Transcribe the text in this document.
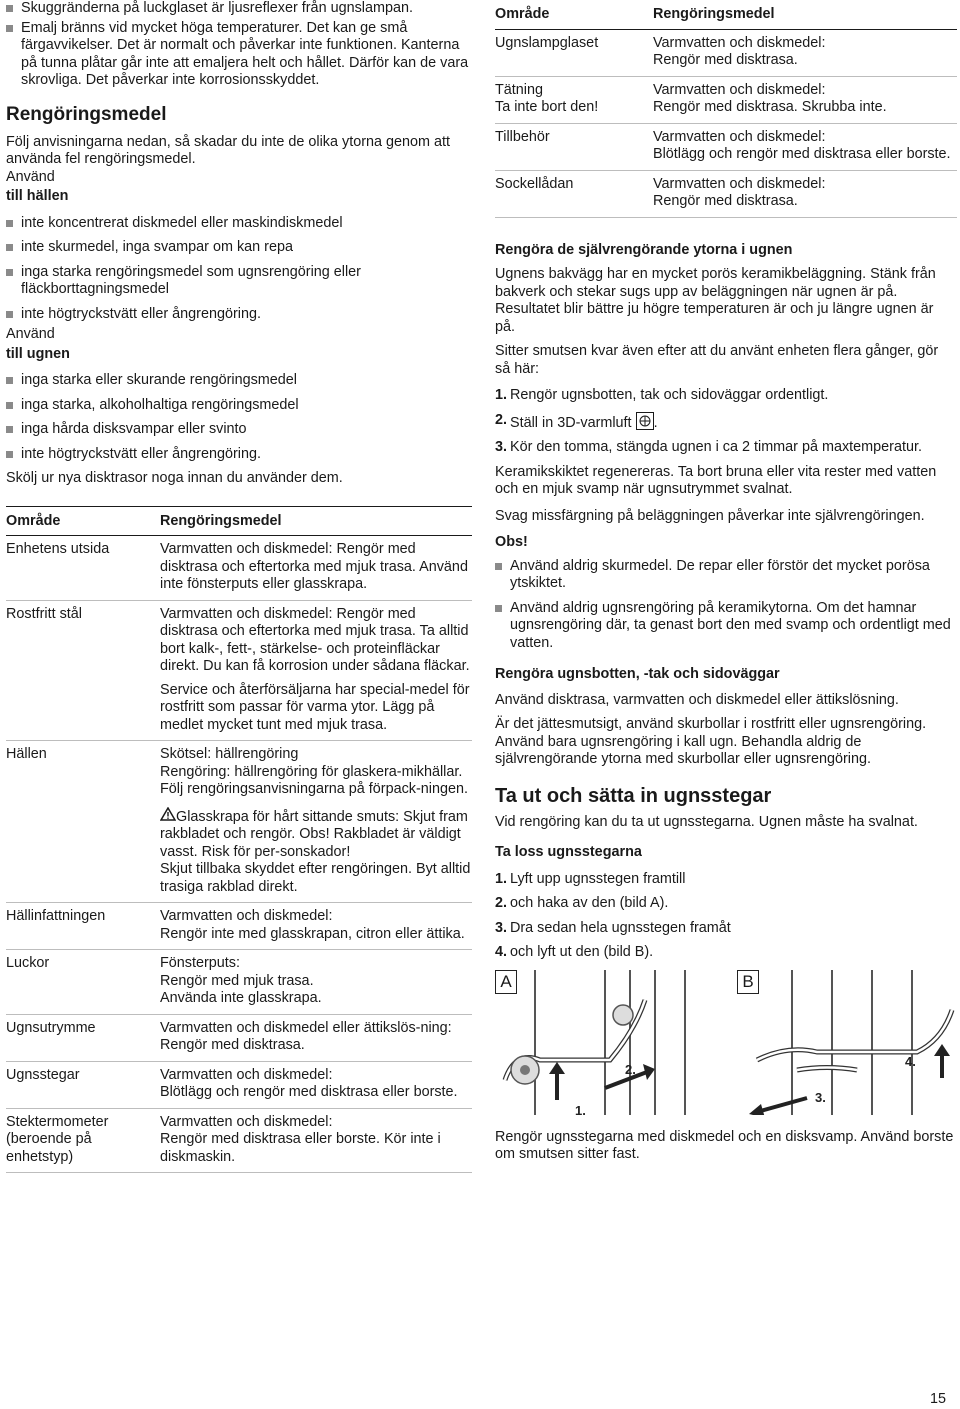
Skuggränderna på luckglaset är ljusreflexer från ugnslampan.
Emalj bränns vid mycket höga temperaturer. Det kan ge små färgavvikelser. Det är normalt och påverkar inte funktionen. Kanterna på tunna plåtar går inte att emaljera helt och hållet. Därför kan de vara skrovliga. Det påverkar inte korrosionsskyddet.
Rengöringsmedel

Följ anvisningarna nedan, så skadar du inte de olika ytorna genom att använda fel rengöringsmedel.

Använd
till hällen
inte koncentrerat diskmedel eller maskindiskmedel
inte skurmedel, inga svampar om kan repa
inga starka rengöringsmedel som ugnsrengöring eller fläckborttagningsmedel
inte högtryckstvätt eller ångrengöring.
Använd
till ugnen
inga starka eller skurande rengöringsmedel
inga starka, alkoholhaltiga rengöringsmedel
inga hårda disksvampar eller svinto
inte högtryckstvätt eller ångrengöring.

Skölj ur nya disktrasor noga innan du använder dem.

Område	Rengöringsmedel
Enhetens utsida	Varmvatten och diskmedel: Rengör med disktrasa och eftertorka med mjuk trasa. Använd inte fönsterputs eller glasskrapa.

Rostfritt stål	Varmvatten och diskmedel: Rengör med disktrasa och eftertorka med mjuk trasa. Ta alltid bort kalk-, fett-, stärkelse- och proteinfläckar direkt. Du kan få korrosion under sådana fläckar.

Service och återförsäljarna har special-medel för rostfritt som passar för varma ytor. Lägg på medlet mycket tunt med mjuk trasa.

Hällen	Skötsel: hällrengöring
Rengöring: hällrengöring för glaskera-mikhällar.
Följ rengöringsanvisningarna på förpack-ningen.

Glasskrapa för hårt sittande smuts: Skjut fram rakbladet och rengör. Obs! Rakbladet är väldigt vasst. Risk för per-sonskador!
Skjut tillbaka skyddet efter rengöringen. Byt alltid trasiga rakblad direkt.

Hällinfattningen	Varmvatten och diskmedel:
Rengör inte med glasskrapan, citron eller ättika.

Luckor	Fönsterputs:
Rengör med mjuk trasa.
Använda inte glasskrapa.

Ugnsutrymme	Varmvatten och diskmedel eller ättikslös-ning:
Rengör med disktrasa.

Ugnsstegar	Varmvatten och diskmedel:
Blötlägg och rengör med disktrasa eller borste.

Stektermometer (beroende på enhetstyp)	Varmvatten och diskmedel:
Rengör med disktrasa eller borste. Kör inte i diskmaskin.

Område	Rengöringsmedel
Ugnslampglaset	Varmvatten och diskmedel:
Rengör med disktrasa.
Tätning
Ta inte bort den!	Varmvatten och diskmedel:
Rengör med disktrasa. Skrubba inte.
Tillbehör	Varmvatten och diskmedel:
Blötlägg och rengör med disktrasa eller borste.
Sockellådan	Varmvatten och diskmedel:
Rengör med disktrasa.
Rengöra de självrengörande ytorna i ugnen

Ugnens bakvägg har en mycket porös keramikbeläggning. Stänk från bakverk och stekar sugs upp av beläggningen när ugnen är på. Resultatet blir bättre ju högre temperaturen är och ju längre ugnen är på.

Sitter smutsen kvar även efter att du använt enheten flera gånger, gör så här:

1. Rengör ugnsbotten, tak och sidoväggar ordentligt.
2. Ställ in 3D-varmluft .
3. Kör den tomma, stängda ugnen i ca 2 timmar på maxtemperatur.

Keramikskiktet regenereras. Ta bort bruna eller vita rester med vatten och en mjuk svamp när ugnsutrymmet svalnat.

Svag missfärgning på beläggningen påverkar inte självrengöringen.

Obs!
Använd aldrig skurmedel. De repar eller förstör det mycket porösa ytskiktet.
Använd aldrig ugnsrengöring på keramikytorna. Om det hamnar ugnsrengöring där, ta genast bort den med svamp och ordentligt med vatten.
Rengöra ugnsbotten, -tak och sidoväggar

Använd disktrasa, varmvatten och diskmedel eller ättikslösning.

Är det jättesmutsigt, använd skurbollar i rostfritt eller ugnsrengöring. Använd bara ugnsrengöring i kall ugn. Behandla aldrig de självrengörande ytorna med skurbollar eller ugnsrengöring.

Ta ut och sätta in ugnsstegar

Vid rengöring kan du ta ut ugnsstegarna. Ugnen måste ha svalnat.

Ta loss ugnsstegarna
1. Lyft upp ugnsstegen framtill
2. och haka av den (bild A).
3. Dra sedan hela ugnsstegen framåt
4. och lyft ut den (bild B).
1.
2.
A
3.
4.
B

Rengör ugnsstegarna med diskmedel och en disksvamp. Använd borste om smutsen sitter fast.

15
